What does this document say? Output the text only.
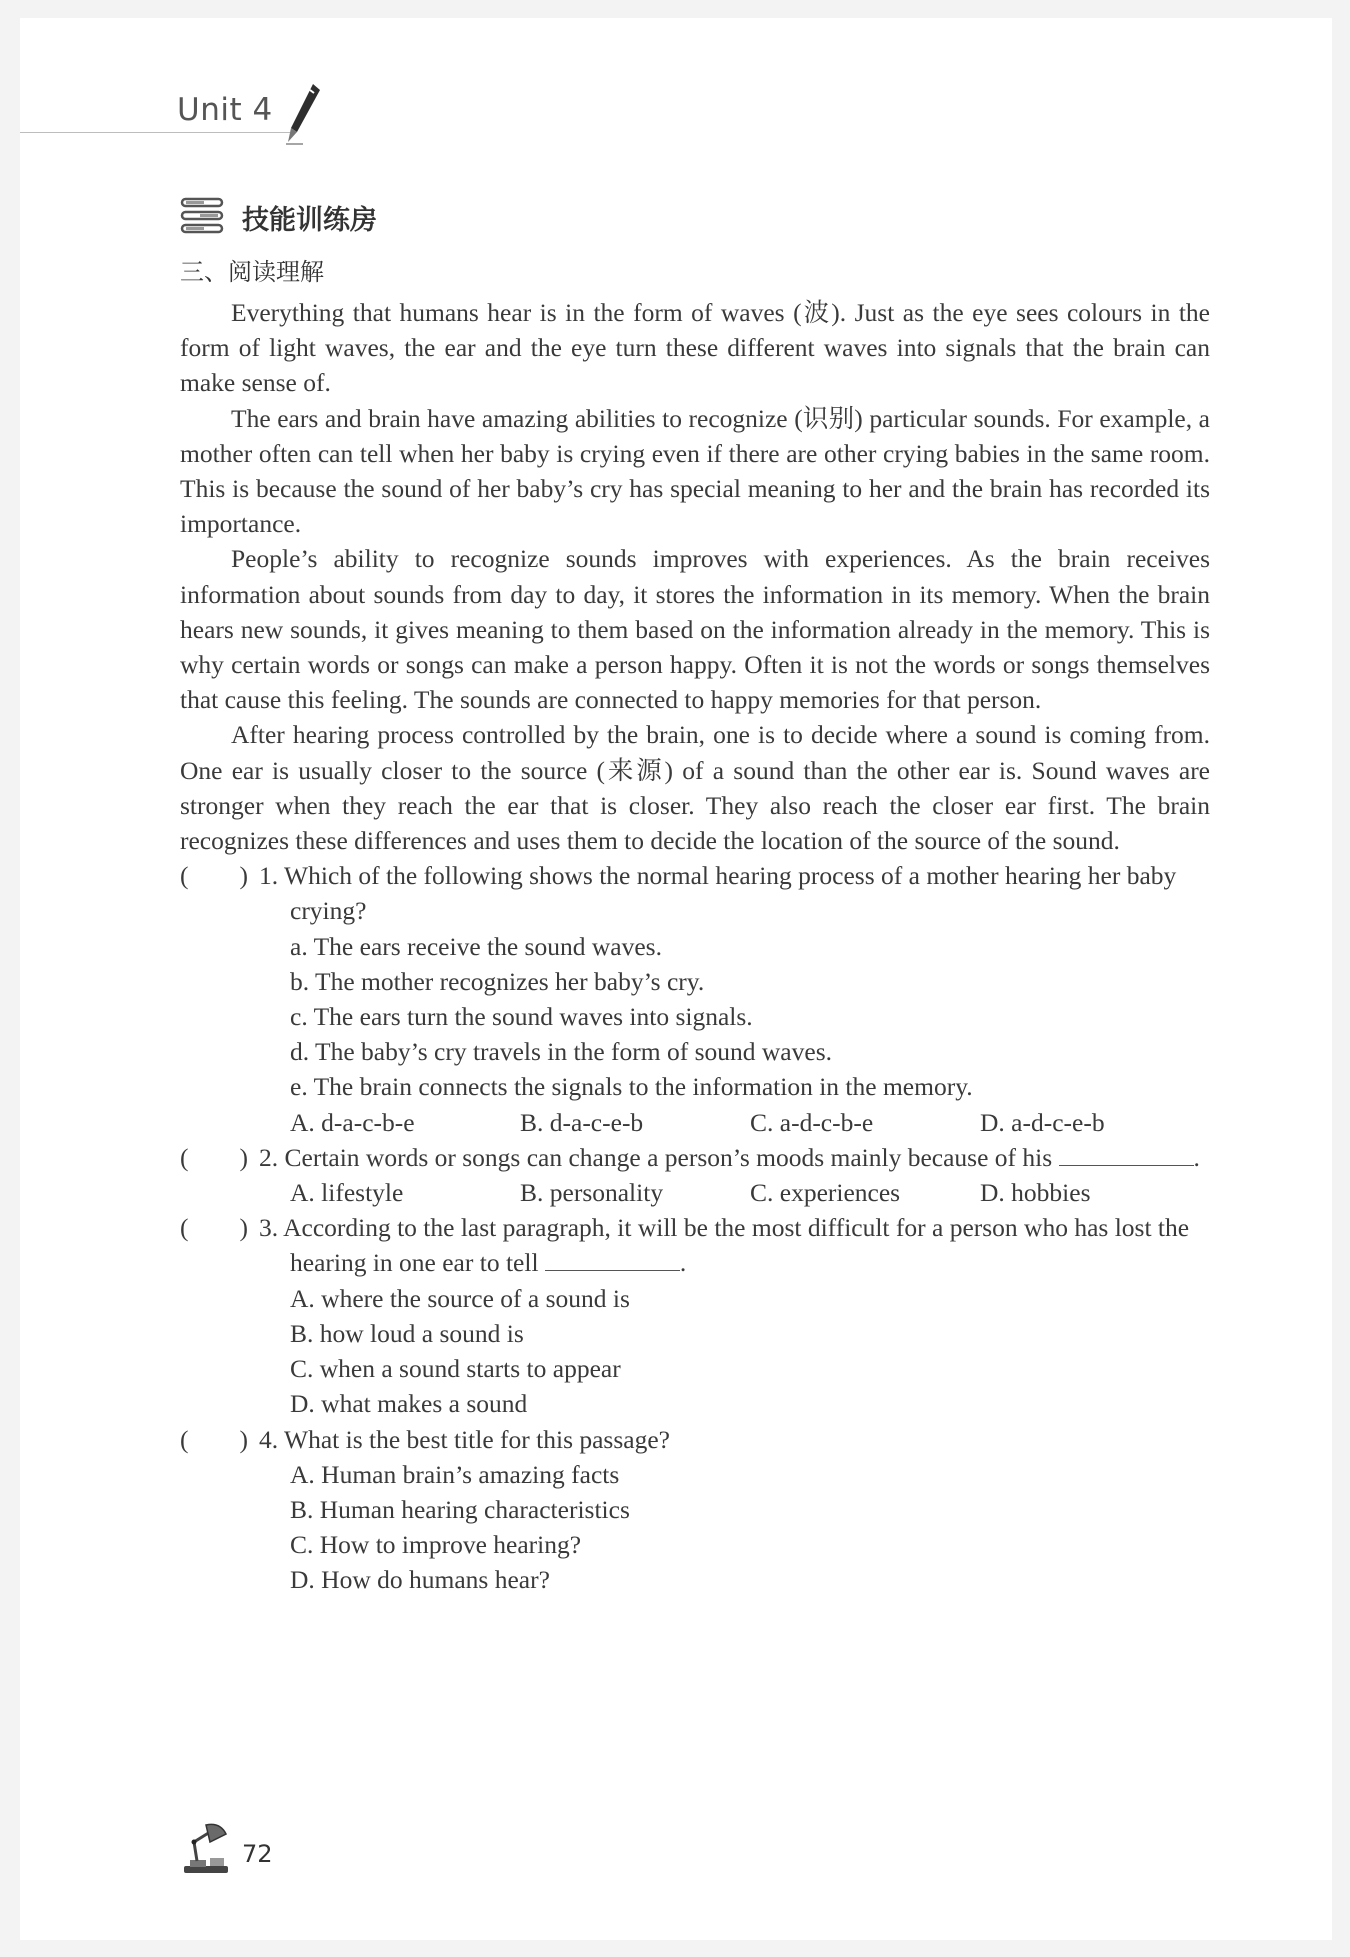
Unit 4
技能训练房
三、阅读理解

Everything that humans hear is in the form of waves (波). Just as the eye sees colours in the form of light waves, the ear and the eye turn these different waves into signals that the brain can make sense of.

The ears and brain have amazing abilities to recognize (识别) particular sounds. For example, a mother often can tell when her baby is crying even if there are other crying babies in the same room. This is because the sound of her baby’s cry has special meaning to her and the brain has recorded its importance.

People’s ability to recognize sounds improves with experiences. As the brain receives information about sounds from day to day, it stores the information in its memory. When the brain hears new sounds, it gives meaning to them based on the information already in the memory. This is why certain words or songs can make a person happy. Often it is not the words or songs themselves that cause this feeling. The sounds are connected to happy memories for that person.

After hearing process controlled by the brain, one is to decide where a sound is coming from. One ear is usually closer to the source (来源) of a sound than the other ear is. Sound waves are stronger when they reach the ear that is closer. They also reach the closer ear first. The brain recognizes these differences and uses them to decide the location of the source of the sound.

(　　) 1. Which of the following shows the normal hearing process of a mother hearing her baby crying?
a. The ears receive the sound waves.
b. The mother recognizes her baby’s cry.
c. The ears turn the sound waves into signals.
d. The baby’s cry travels in the form of sound waves.
e. The brain connects the signals to the information in the memory.
A. d-a-c-b-e	B. d-a-c-e-b	C. a-d-c-b-e	D. a-d-c-e-b
(　　) 2. Certain words or songs can change a person’s moods mainly because of his	.
A. lifestyle	B. personality	C. experiences	D. hobbies
(　　) 3. According to the last paragraph, it will be the most difficult for a person who has lost the hearing in one ear to tell	.
A. where the source of a sound is
B. how loud a sound is
C. when a sound starts to appear
D. what makes a sound
(　　) 4. What is the best title for this passage?
A. Human brain’s amazing facts
B. Human hearing characteristics
C. How to improve hearing?
D. How do humans hear?
72
